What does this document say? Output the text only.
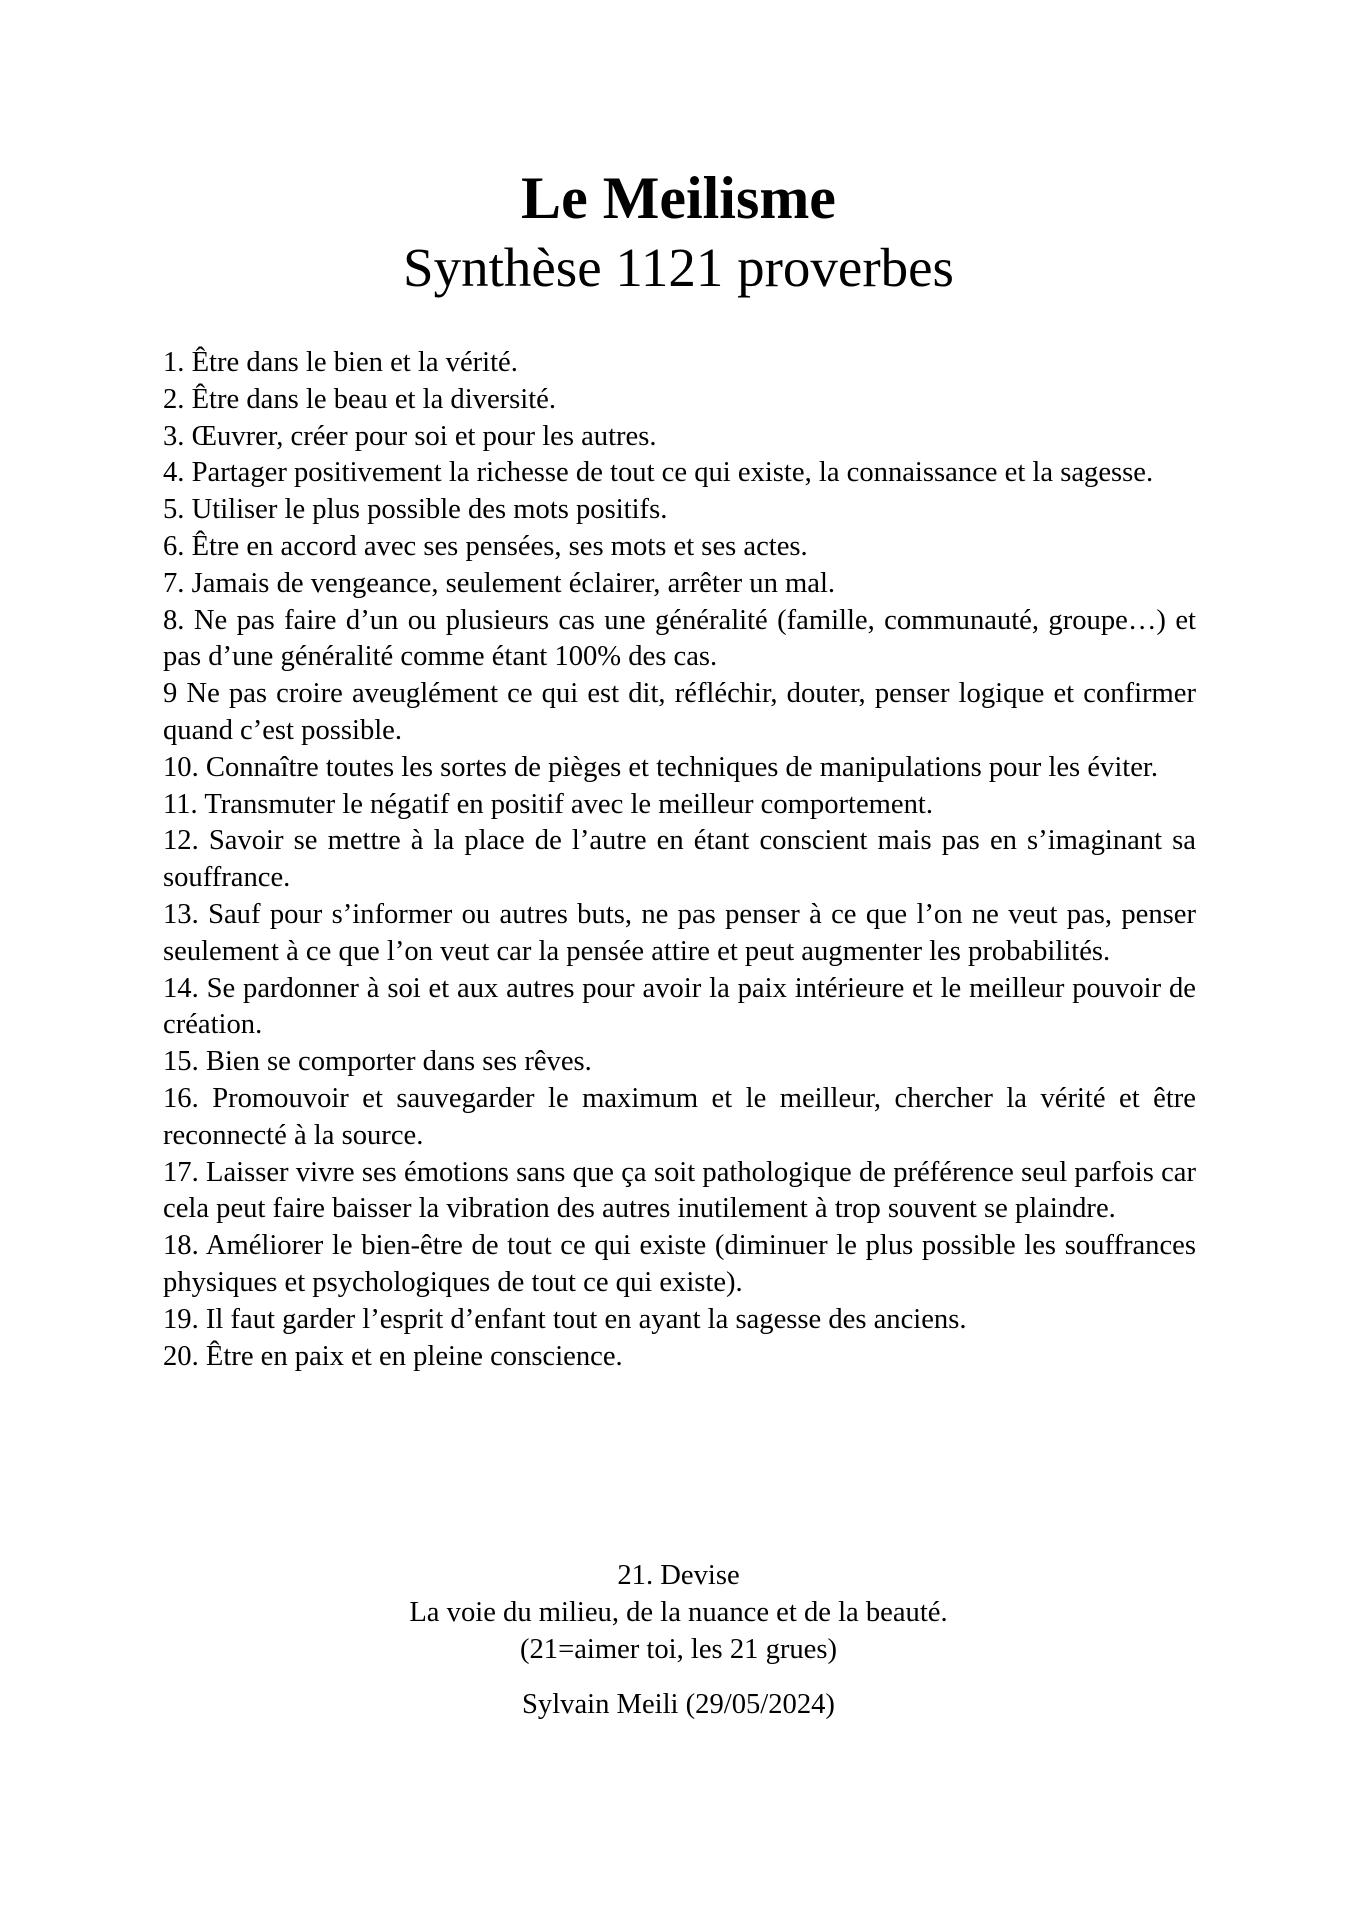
Le Meilisme
Synthèse 1121 proverbes

1. Être dans le bien et la vérité.

2. Être dans le beau et la diversité.

3. Œuvrer, créer pour soi et pour les autres.

4. Partager positivement la richesse de tout ce qui existe, la connaissance et la sagesse.

5. Utiliser le plus possible des mots positifs.

6. Être en accord avec ses pensées, ses mots et ses actes.

7. Jamais de vengeance, seulement éclairer, arrêter un mal.

8. Ne pas faire d’un ou plusieurs cas une généralité (famille, communauté, groupe…) et pas d’une généralité comme étant 100% des cas.

9 Ne pas croire aveuglément ce qui est dit, réfléchir, douter, penser logique et confirmer quand c’est possible.

10. Connaître toutes les sortes de pièges et techniques de manipulations pour les éviter.

11. Transmuter le négatif en positif avec le meilleur comportement.

12. Savoir se mettre à la place de l’autre en étant conscient mais pas en s’imaginant sa souffrance.

13. Sauf pour s’informer ou autres buts, ne pas penser à ce que l’on ne veut pas, penser seulement à ce que l’on veut car la pensée attire et peut augmenter les probabilités.

14. Se pardonner à soi et aux autres pour avoir la paix intérieure et le meilleur pouvoir de création.

15. Bien se comporter dans ses rêves.

16. Promouvoir et sauvegarder le maximum et le meilleur, chercher la vérité et être reconnecté à la source.

17. Laisser vivre ses émotions sans que ça soit pathologique de préférence seul parfois car cela peut faire baisser la vibration des autres inutilement à trop souvent se plaindre.

18. Améliorer le bien-être de tout ce qui existe (diminuer le plus possible les souffrances physiques et psychologiques de tout ce qui existe).

19. Il faut garder l’esprit d’enfant tout en ayant la sagesse des anciens.

20. Être en paix et en pleine conscience.

21. Devise
La voie du milieu, de la nuance et de la beauté.
(21=aimer toi, les 21 grues)
Sylvain Meili (29/05/2024)
